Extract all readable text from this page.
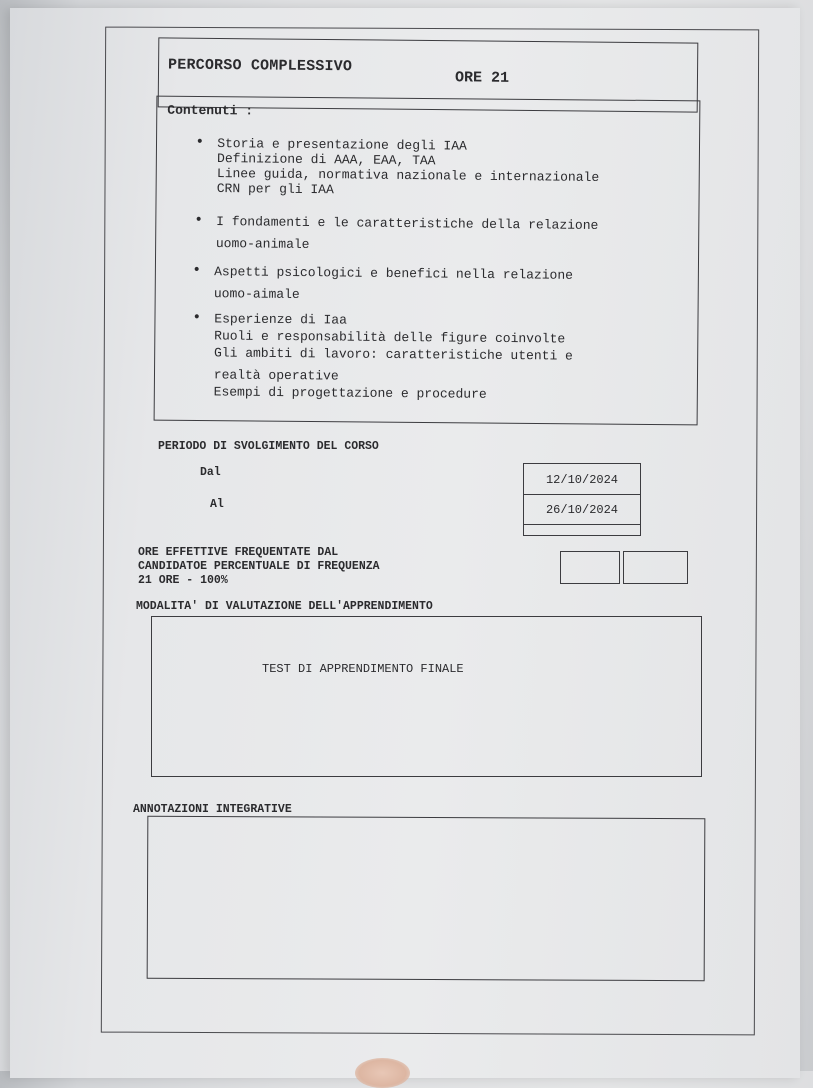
PERCORSO COMPLESSIVO
ORE 21
Contenuti :
• Storia e presentazione degli IAA
Definizione di AAA, EAA, TAA
Linee guida, normativa nazionale e internazionale
CRN per gli IAA
• I fondamenti e le caratteristiche della relazione
uomo-animale
• Aspetti psicologici e benefici nella relazione
uomo-aimale
• Esperienze di Iaa
Ruoli e responsabilità delle figure coinvolte
Gli ambiti di lavoro: caratteristiche utenti e
realtà operative
Esempi di progettazione e procedure
PERIODO DI SVOLGIMENTO DEL CORSO
Dal
Al
12/10/2024
26/10/2024
ORE EFFETTIVE FREQUENTATE DAL
CANDIDATOE PERCENTUALE DI FREQUENZA
21 ORE - 100%
MODALITA' DI VALUTAZIONE DELL'APPRENDIMENTO
TEST DI APPRENDIMENTO FINALE
ANNOTAZIONI INTEGRATIVE
